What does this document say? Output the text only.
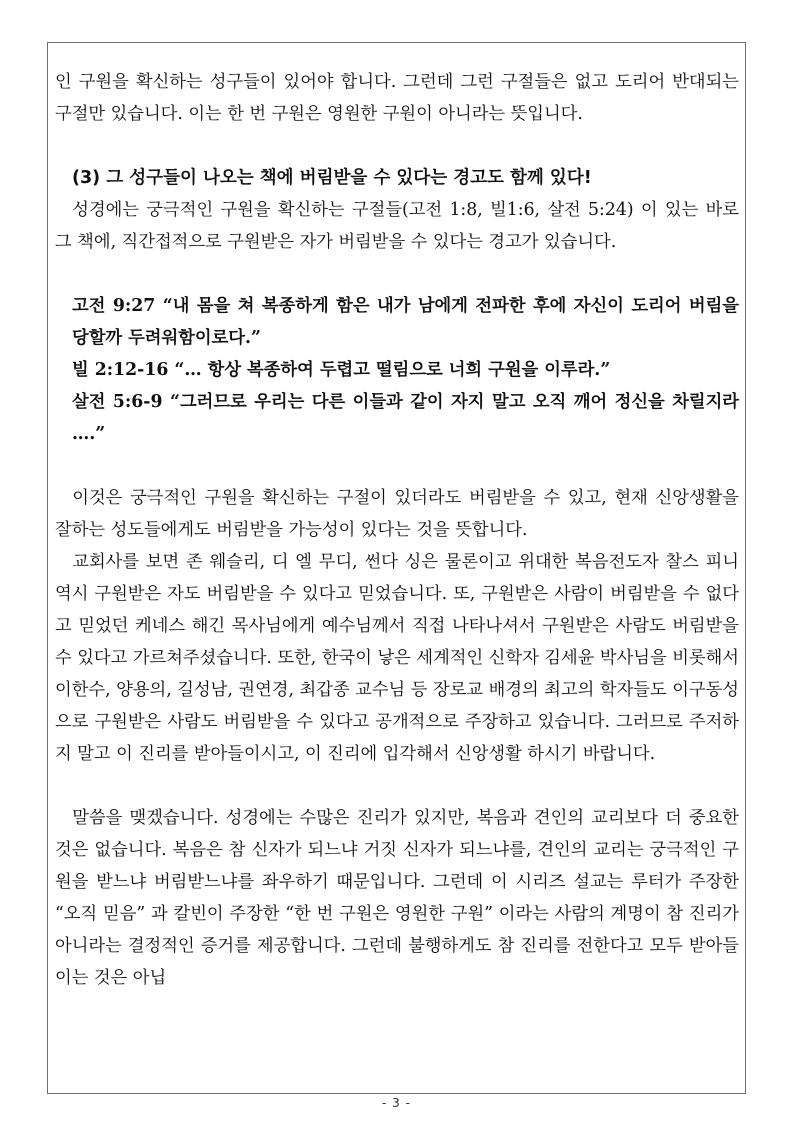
인 구원을 확신하는 성구들이 있어야 합니다. 그런데 그런 구절들은 없고 도리어 반대되는 구절만 있습니다. 이는 한 번 구원은 영원한 구원이 아니라는 뜻입니다.

(3) 그 성구들이 나오는 책에 버림받을 수 있다는 경고도 함께 있다!

성경에는 궁극적인 구원을 확신하는 구절들(고전 1:8, 빌1:6, 살전 5:24) 이 있는 바로 그 책에, 직간접적으로 구원받은 자가 버림받을 수 있다는 경고가 있습니다.

고전 9:27 “내 몸을 쳐 복종하게 함은 내가 남에게 전파한 후에 자신이 도리어 버림을 당할까 두려워함이로다.”

빌 2:12-16 “… 항상 복종하여 두렵고 떨림으로 너희 구원을 이루라.”

살전 5:6-9 “그러므로 우리는 다른 이들과 같이 자지 말고 오직 깨어 정신을 차릴지라 ….”

이것은 궁극적인 구원을 확신하는 구절이 있더라도 버림받을 수 있고, 현재 신앙생활을 잘하는 성도들에게도 버림받을 가능성이 있다는 것을 뜻합니다.

교회사를 보면 존 웨슬리, 디 엘 무디, 썬다 싱은 물론이고 위대한 복음전도자 찰스 피니 역시 구원받은 자도 버림받을 수 있다고 믿었습니다. 또, 구원받은 사람이 버림받을 수 없다고 믿었던 케네스 해긴 목사님에게 예수님께서 직접 나타나셔서 구원받은 사람도 버림받을 수 있다고 가르쳐주셨습니다. 또한, 한국이 낳은 세계적인 신학자 김세윤 박사님을 비롯해서 이한수, 양용의, 길성남, 권연경, 최갑종 교수님 등 장로교 배경의 최고의 학자들도 이구동성으로 구원받은 사람도 버림받을 수 있다고 공개적으로 주장하고 있습니다. 그러므로 주저하지 말고 이 진리를 받아들이시고, 이 진리에 입각해서 신앙생활 하시기 바랍니다.

말씀을 맺겠습니다. 성경에는 수많은 진리가 있지만, 복음과 견인의 교리보다 더 중요한 것은 없습니다. 복음은 참 신자가 되느냐 거짓 신자가 되느냐를, 견인의 교리는 궁극적인 구원을 받느냐 버림받느냐를 좌우하기 때문입니다. 그런데 이 시리즈 설교는 루터가 주장한 “오직 믿음” 과 칼빈이 주장한 “한 번 구원은 영원한 구원” 이라는 사람의 계명이 참 진리가 아니라는 결정적인 증거를 제공합니다. 그런데 불행하게도 참 진리를 전한다고 모두 받아들이는 것은 아닙

- 3 -
